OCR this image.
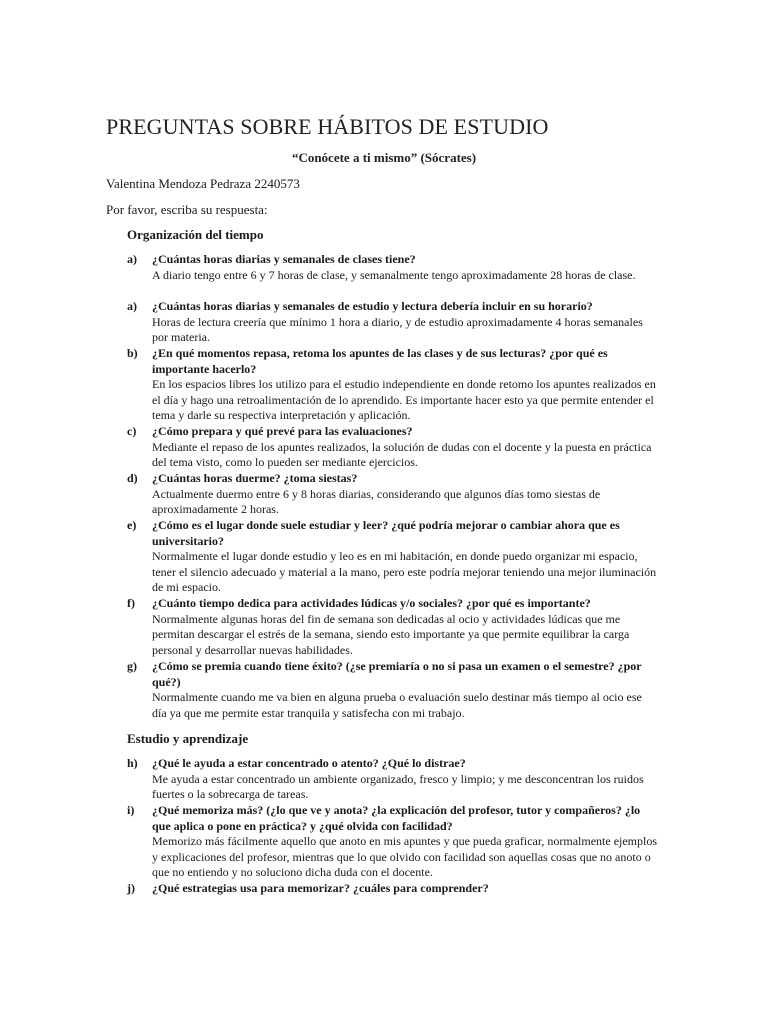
PREGUNTAS SOBRE HÁBITOS DE ESTUDIO
“Conócete a ti mismo” (Sócrates)
Valentina Mendoza Pedraza 2240573
Por favor, escriba su respuesta:
Organización del tiempo
a) ¿Cuántas horas diarias y semanales de clases tiene?
A diario tengo entre 6 y 7 horas de clase, y semanalmente tengo aproximadamente 28 horas de clase.
a) ¿Cuántas horas diarias y semanales de estudio y lectura debería incluir en su horario?
Horas de lectura creería que mínimo 1 hora a diario, y de estudio aproximadamente 4 horas semanales por materia.
b) ¿En qué momentos repasa, retoma los apuntes de las clases y de sus lecturas? ¿por qué es importante hacerlo?
En los espacios libres los utilizo para el estudio independiente en donde retomo los apuntes realizados en el día y hago una retroalimentación de lo aprendido. Es importante hacer esto ya que permite entender el tema y darle su respectiva interpretación y aplicación.
c) ¿Cómo prepara y qué prevé para las evaluaciones?
Mediante el repaso de los apuntes realizados, la solución de dudas con el docente y la puesta en práctica del tema visto, como lo pueden ser mediante ejercicios.
d) ¿Cuántas horas duerme? ¿toma siestas?
Actualmente duermo entre 6 y 8 horas diarias, considerando que algunos días tomo siestas de aproximadamente 2 horas.
e) ¿Cómo es el lugar donde suele estudiar y leer? ¿qué podría mejorar o cambiar ahora que es universitario?
Normalmente el lugar donde estudio y leo es en mi habitación, en donde puedo organizar mi espacio, tener el silencio adecuado y material a la mano, pero este podría mejorar teniendo una mejor iluminación de mi espacio.
f) ¿Cuánto tiempo dedica para actividades lúdicas y/o sociales? ¿por qué es importante?
Normalmente algunas horas del fin de semana son dedicadas al ocio y actividades lúdicas que me permitan descargar el estrés de la semana, siendo esto importante ya que permite equilibrar la carga personal y desarrollar nuevas habilidades.
g) ¿Cómo se premia cuando tiene éxito? (¿se premiaría o no si pasa un examen o el semestre? ¿por qué?)
Normalmente cuando me va bien en alguna prueba o evaluación suelo destinar más tiempo al ocio ese día ya que me permite estar tranquila y satisfecha con mi trabajo.
Estudio y aprendizaje
h) ¿Qué le ayuda a estar concentrado o atento? ¿Qué lo distrae?
Me ayuda a estar concentrado un ambiente organizado, fresco y limpio; y me desconcentran los ruidos fuertes o la sobrecarga de tareas.
i) ¿Qué memoriza más? (¿lo que ve y anota? ¿la explicación del profesor, tutor y compañeros? ¿lo que aplica o pone en práctica? y ¿qué olvida con facilidad?
Memorizo más fácilmente aquello que anoto en mis apuntes y que pueda graficar, normalmente ejemplos y explicaciones del profesor, mientras que lo que olvido con facilidad son aquellas cosas que no anoto o que no entiendo y no soluciono dicha duda con el docente.
j) ¿Qué estrategias usa para memorizar? ¿cuáles para comprender?
